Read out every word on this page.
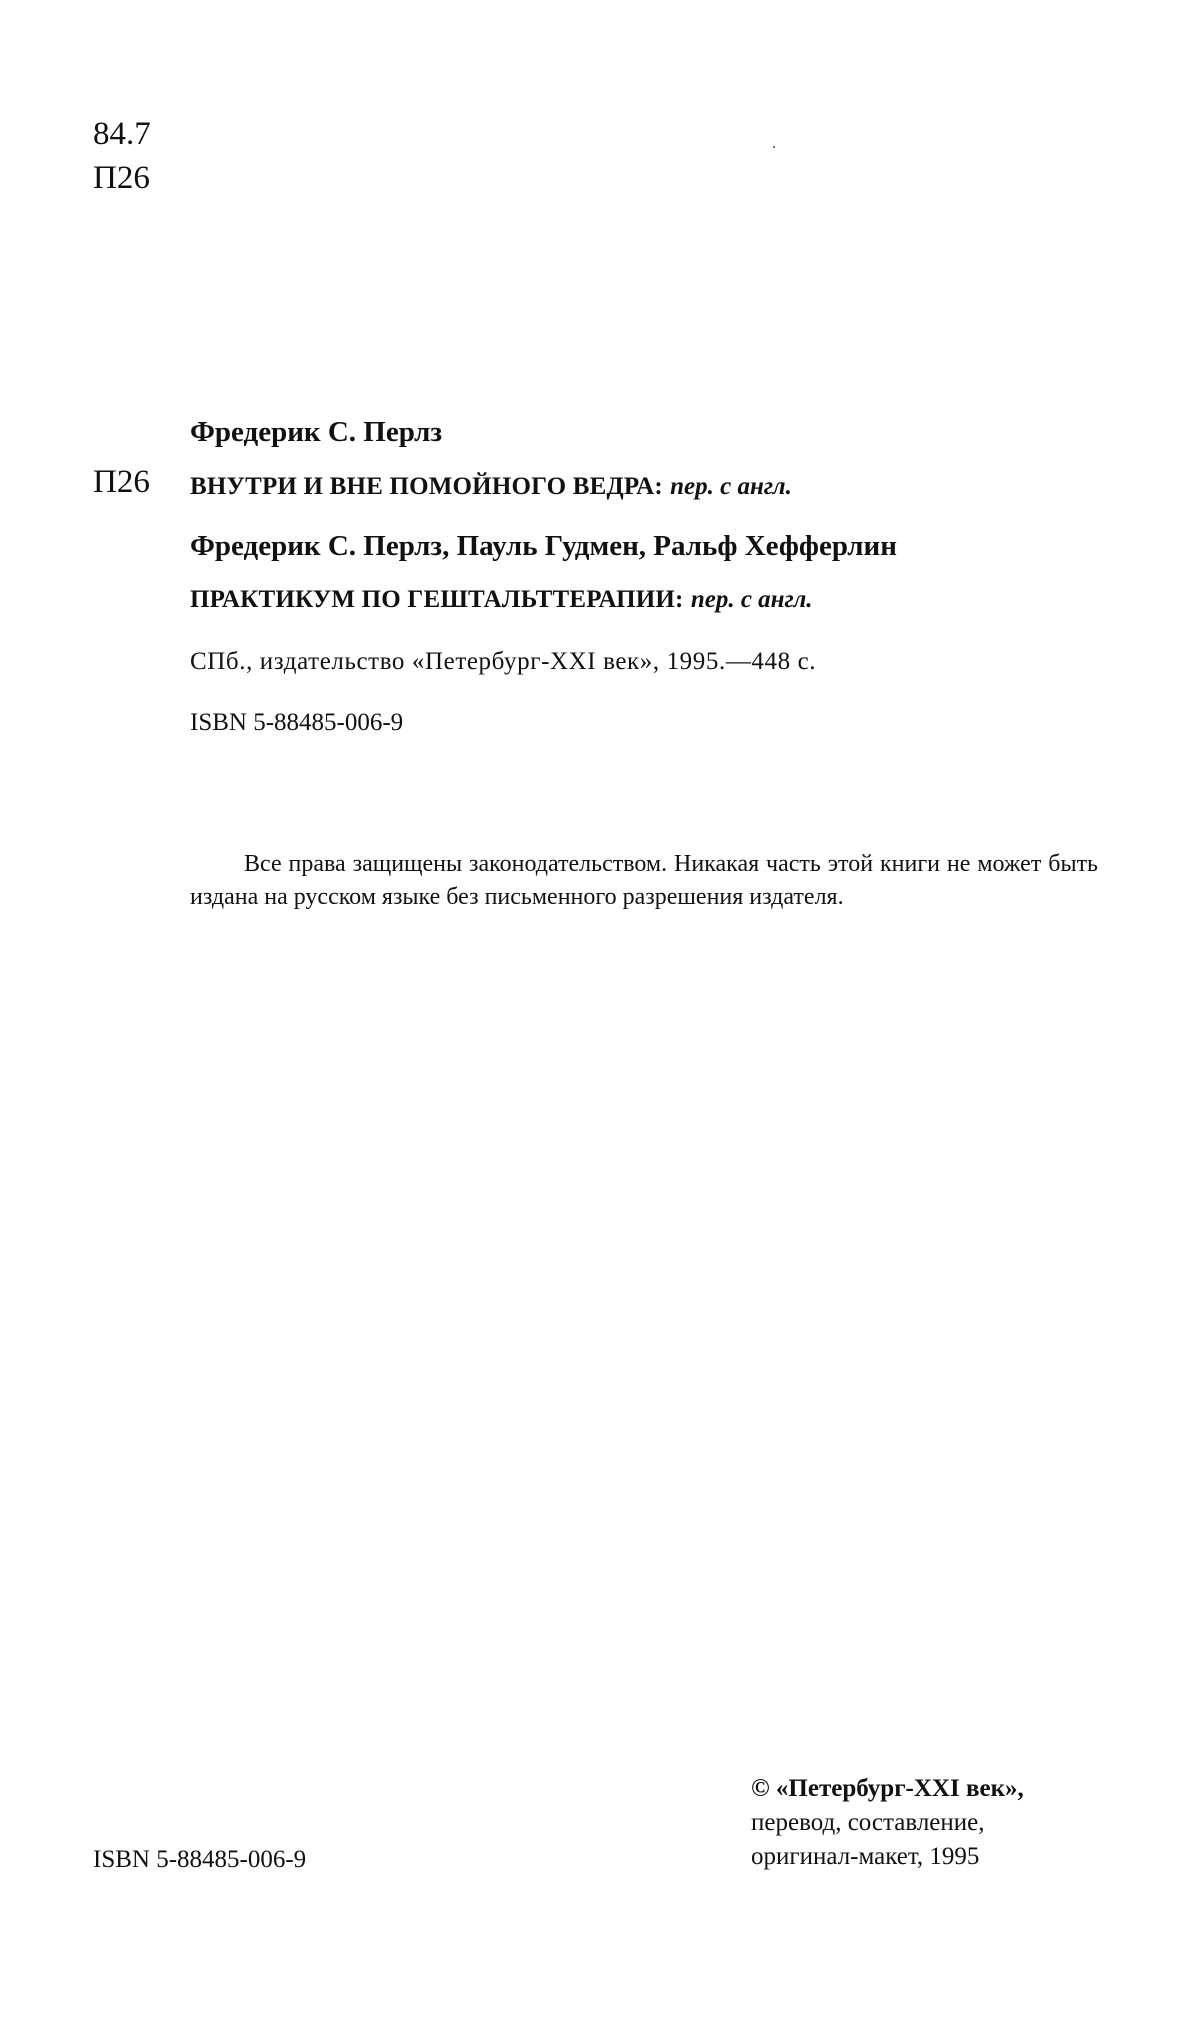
84.7
П26
П26
Фредерик С. Перлз
ВНУТРИ И ВНЕ ПОМОЙНОГО ВЕДРА: пер. с англ.
Фредерик С. Перлз, Пауль Гудмен, Ральф Хефферлин
ПРАКТИКУМ ПО ГЕШТАЛЬТТЕРАПИИ: пер. с англ.
СПб., издательство «Петербург-XXI век», 1995.—448 с.
ISBN 5-88485-006-9
Все права защищены законодательством. Никакая часть этой книги не может быть издана на русском языке без письменного разрешения издателя.
ISBN 5-88485-006-9
© «Петербург-XXI век»,
перевод, составление,
оригинал-макет, 1995
